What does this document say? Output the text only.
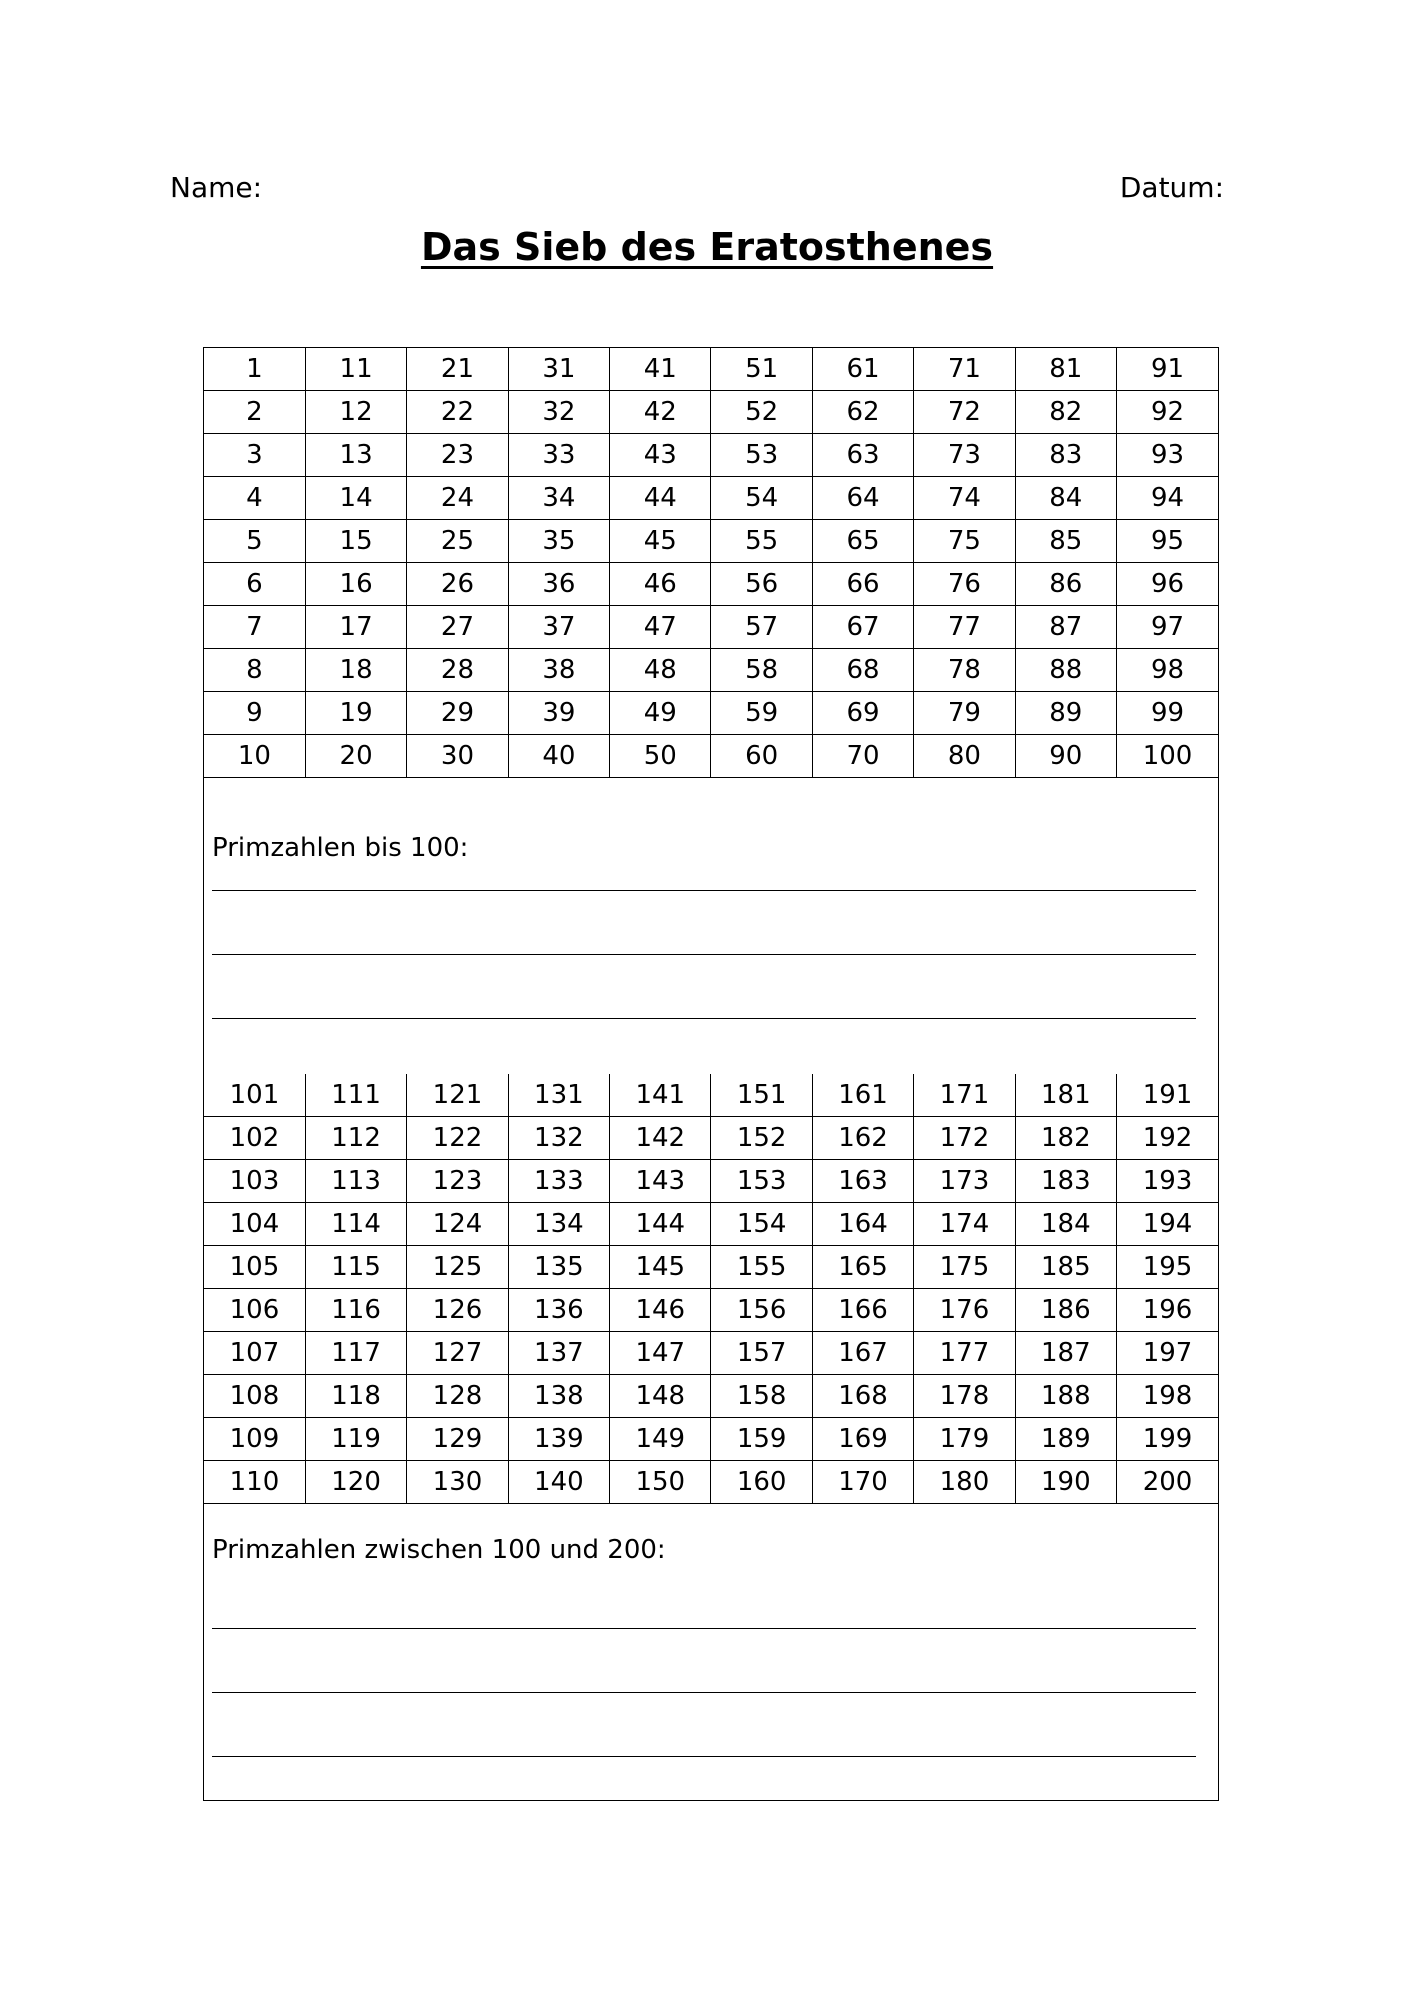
Name:	Datum:
Das Sieb des Eratosthenes
1	11	21	31	41	51	61	71	81	91
2	12	22	32	42	52	62	72	82	92
3	13	23	33	43	53	63	73	83	93
4	14	24	34	44	54	64	74	84	94
5	15	25	35	45	55	65	75	85	95
6	16	26	36	46	56	66	76	86	96
7	17	27	37	47	57	67	77	87	97
8	18	28	38	48	58	68	78	88	98
9	19	29	39	49	59	69	79	89	99
10	20	30	40	50	60	70	80	90	100
Primzahlen bis 100:
101	111	121	131	141	151	161	171	181	191
102	112	122	132	142	152	162	172	182	192
103	113	123	133	143	153	163	173	183	193
104	114	124	134	144	154	164	174	184	194
105	115	125	135	145	155	165	175	185	195
106	116	126	136	146	156	166	176	186	196
107	117	127	137	147	157	167	177	187	197
108	118	128	138	148	158	168	178	188	198
109	119	129	139	149	159	169	179	189	199
110	120	130	140	150	160	170	180	190	200
Primzahlen zwischen 100 und 200:
